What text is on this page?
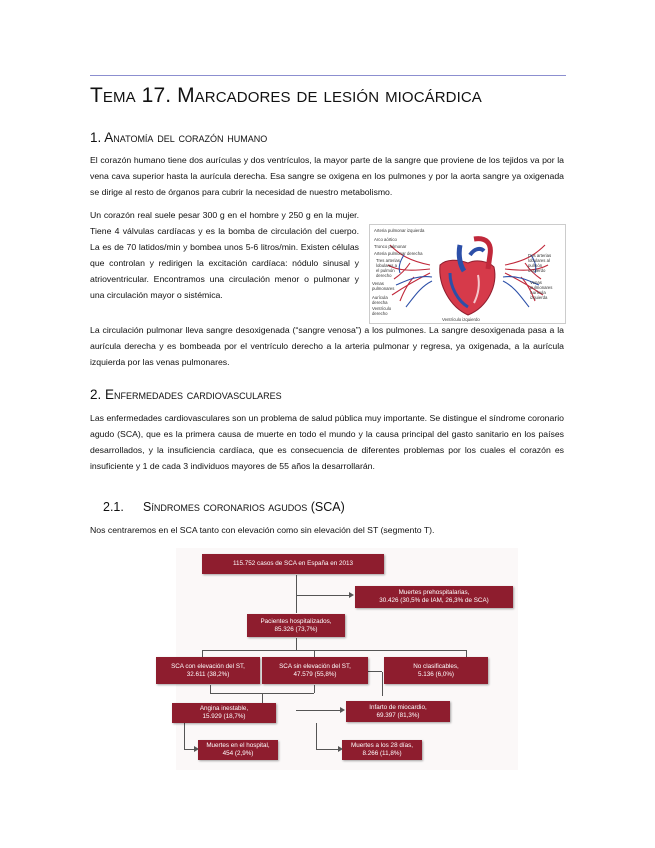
Tema 17. Marcadores de lesión miocárdica
1. Anatomía del corazón humano
El corazón humano tiene dos aurículas y dos ventrículos, la mayor parte de la sangre que proviene de los tejidos va por la vena cava superior hasta la aurícula derecha. Esa sangre se oxigena en los pulmones y por la aorta sangre ya oxigenada se dirige al resto de órganos para cubrir la necesidad de nuestro metabolismo.
Un corazón real suele pesar 300 g en el hombre y 250 g en la mujer. Tiene 4 válvulas cardíacas y es la bomba de circulación del cuerpo. La es de 70 latidos/min y bombea unos 5-6 litros/min. Existen células que controlan y redirigen la excitación cardíaca: nódulo sinusal y atrioventricular. Encontramos una circulación menor o pulmonar y una circulación mayor o sistémica.
Arteria pulmonar izquierda
Arco aórtico
Tronco pulmonar
Arteria pulmonar derecha
Tres arterias
lobulares a
el pulmón
derecho
Venas
pulmonares
Aurícula
derecha
Ventrículo
derecho
Dos arterias
lobulares al
pulmón
izquierdo
Venas
pulmonares
Aurícula
izquierda
Ventrículo izquierdo
La circulación pulmonar lleva sangre desoxigenada (“sangre venosa”) a los pulmones. La sangre desoxigenada pasa a la aurícula derecha y es bombeada por el ventrículo derecho a la arteria pulmonar y regresa, ya oxigenada, a la aurícula izquierda por las venas pulmonares.
2. Enfermedades cardiovasculares
Las enfermedades cardiovasculares son un problema de salud pública muy importante. Se distingue el síndrome coronario agudo (SCA), que es la primera causa de muerte en todo el mundo y la causa principal del gasto sanitario en los países desarrollados, y la insuficiencia cardíaca, que es consecuencia de diferentes problemas por los cuales el corazón es insuficiente y 1 de cada 3 individuos mayores de 55 años la desarrollarán.
2.1. Síndromes coronarios agudos (SCA)
Nos centraremos en el SCA tanto con elevación como sin elevación del ST (segmento T).
115.752 casos de SCA en España en 2013
Muertes prehospitalarias,
30.426 (30,5% de IAM, 26,3% de SCA)
Pacientes hospitalizados,
85.326 (73,7%)
SCA con elevación del ST,
32.611 (38,2%)
SCA sin elevación del ST,
47.579 (55,8%)
No clasificables,
5.136 (6,0%)
Angina inestable,
15.929 (18,7%)
Infarto de miocardio,
69.397 (81,3%)
Muertes en el hospital,
454 (2,9%)
Muertes a los 28 días,
8.266 (11,8%)
